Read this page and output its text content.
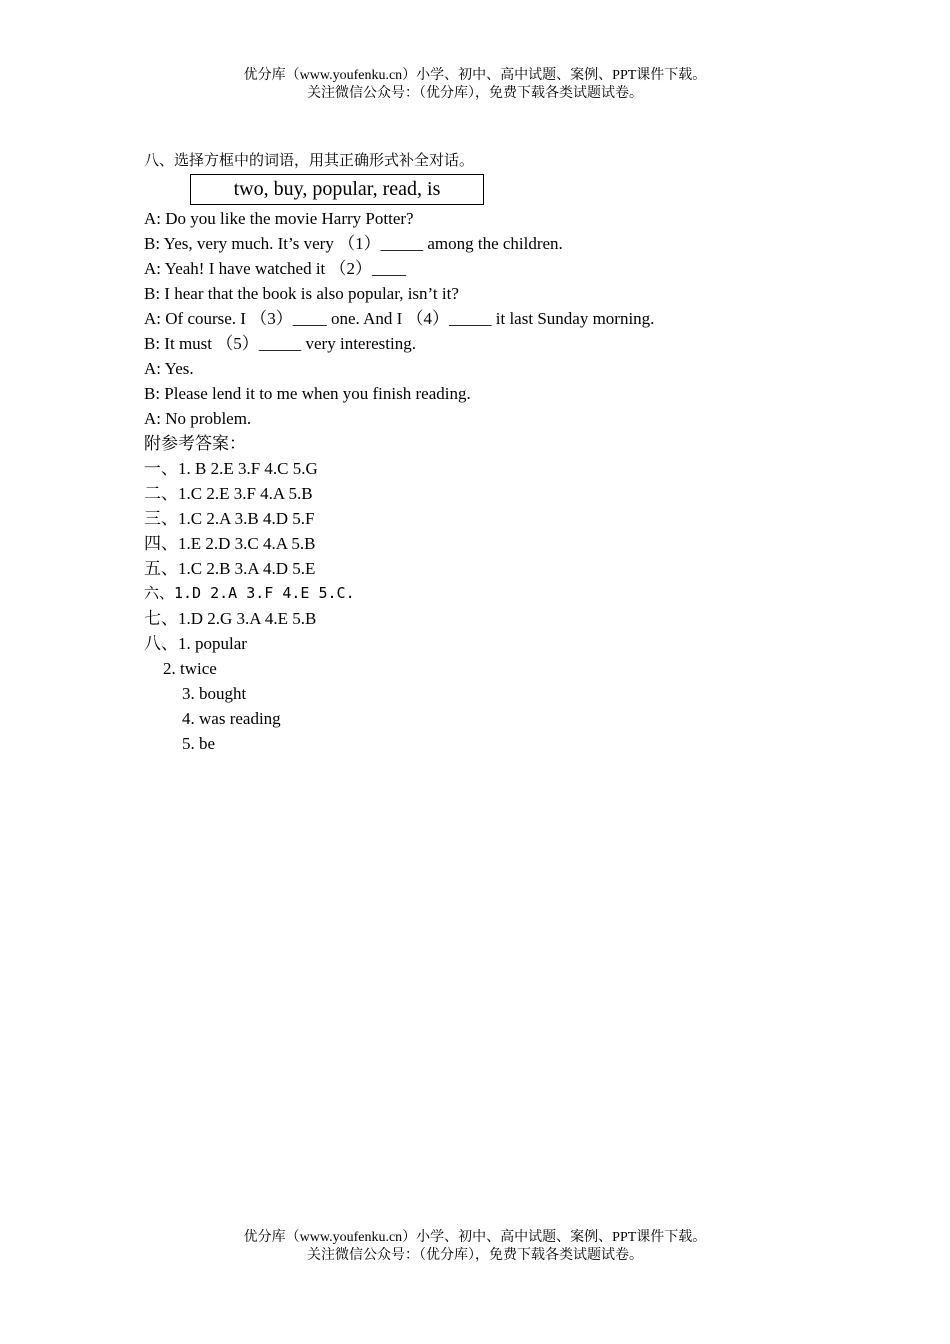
优分库（www.youfenku.cn）小学、初中、高中试题、案例、PPT课件下载。
关注微信公众号：（优分库），免费下载各类试题试卷。
八、选择方框中的词语，用其正确形式补全对话。
two, buy, popular, read, is
A: Do you like the movie Harry Potter?
B: Yes, very much. It’s very （1）_____ among the children.
A: Yeah! I have watched it （2）____
B: I hear that the book is also popular, isn’t it?
A: Of course. I （3）____ one. And I （4）_____ it last Sunday morning.
B: It must （5）_____ very interesting.
A: Yes.
B: Please lend it to me when you finish reading.
A: No problem.
附参考答案：
一、1. B 2.E 3.F 4.C 5.G
二、1.C 2.E 3.F 4.A 5.B
三、1.C 2.A 3.B 4.D 5.F
四、1.E 2.D 3.C 4.A 5.B
五、1.C 2.B 3.A 4.D 5.E
六、1.D 2.A 3.F 4.E 5.C.
七、1.D 2.G 3.A 4.E 5.B
八、1. popular
2. twice
3. bought
4. was reading
5. be
优分库（www.youfenku.cn）小学、初中、高中试题、案例、PPT课件下载。
关注微信公众号：（优分库），免费下载各类试题试卷。
